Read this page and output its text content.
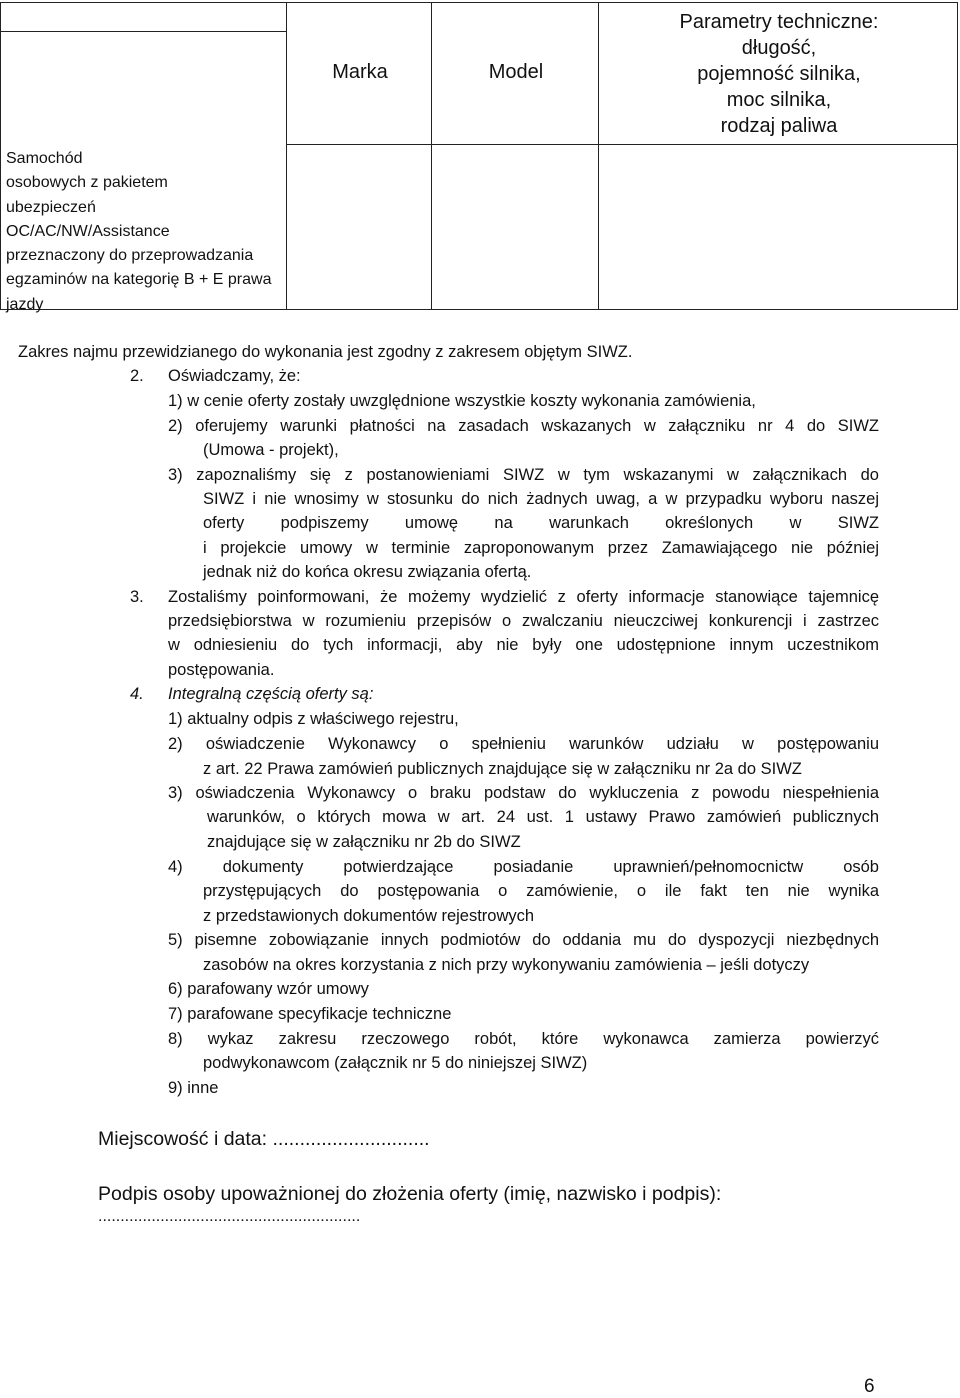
Samochód
osobowych z pakietem
ubezpieczeń
OC/AC/NW/Assistance
przeznaczony do przeprowadzania
egzaminów na kategorię B + E prawa
jazdy
Marka	Model
Parametry techniczne:
długość,
pojemność silnika,
moc silnika,
rodzaj paliwa
Zakres najmu przewidzianego do wykonania jest zgodny z zakresem objętym SIWZ.
2. Oświadczamy, że:
1) w cenie oferty zostały uwzględnione wszystkie koszty wykonania zamówienia,
2) oferujemy warunki płatności na zasadach wskazanych w załączniku nr 4 do SIWZ
(Umowa - projekt),
3) zapoznaliśmy się z postanowieniami SIWZ w tym wskazanymi w załącznikach do
SIWZ i nie wnosimy w stosunku do nich żadnych uwag, a w przypadku wyboru naszej
oferty podpiszemy umowę na warunkach określonych w SIWZ
i projekcie umowy w terminie zaproponowanym przez Zamawiającego nie później
jednak niż do końca okresu związania ofertą.
3. Zostaliśmy poinformowani, że możemy wydzielić z oferty informacje stanowiące tajemnicę
przedsiębiorstwa w rozumieniu przepisów o zwalczaniu nieuczciwej konkurencji i zastrzec
w odniesieniu do tych informacji, aby nie były one udostępnione innym uczestnikom
postępowania.
4. Integralną częścią oferty są:
1) aktualny odpis z właściwego rejestru,
2) oświadczenie Wykonawcy o spełnieniu warunków udziału w postępowaniu
z art. 22 Prawa zamówień publicznych znajdujące się w załączniku nr 2a do SIWZ
3) oświadczenia Wykonawcy o braku podstaw do wykluczenia z powodu niespełnienia
warunków, o których mowa w art. 24 ust. 1 ustawy Prawo zamówień publicznych
znajdujące się w załączniku nr 2b do SIWZ
4) dokumenty potwierdzające posiadanie uprawnień/pełnomocnictw osób
przystępujących do postępowania o zamówienie, o ile fakt ten nie wynika
z przedstawionych dokumentów rejestrowych
5) pisemne zobowiązanie innych podmiotów do oddania mu do dyspozycji niezbędnych
zasobów na okres korzystania z nich przy wykonywaniu zamówienia – jeśli dotyczy
6) parafowany wzór umowy
7) parafowane specyfikacje techniczne
8) wykaz zakresu rzeczowego robót, które wykonawca zamierza powierzyć
podwykonawcom (załącznik nr 5 do niniejszej SIWZ)
9) inne
Miejscowość i data: .............................
Podpis osoby upoważnionej do złożenia oferty (imię, nazwisko i podpis):
...........................................................
6
